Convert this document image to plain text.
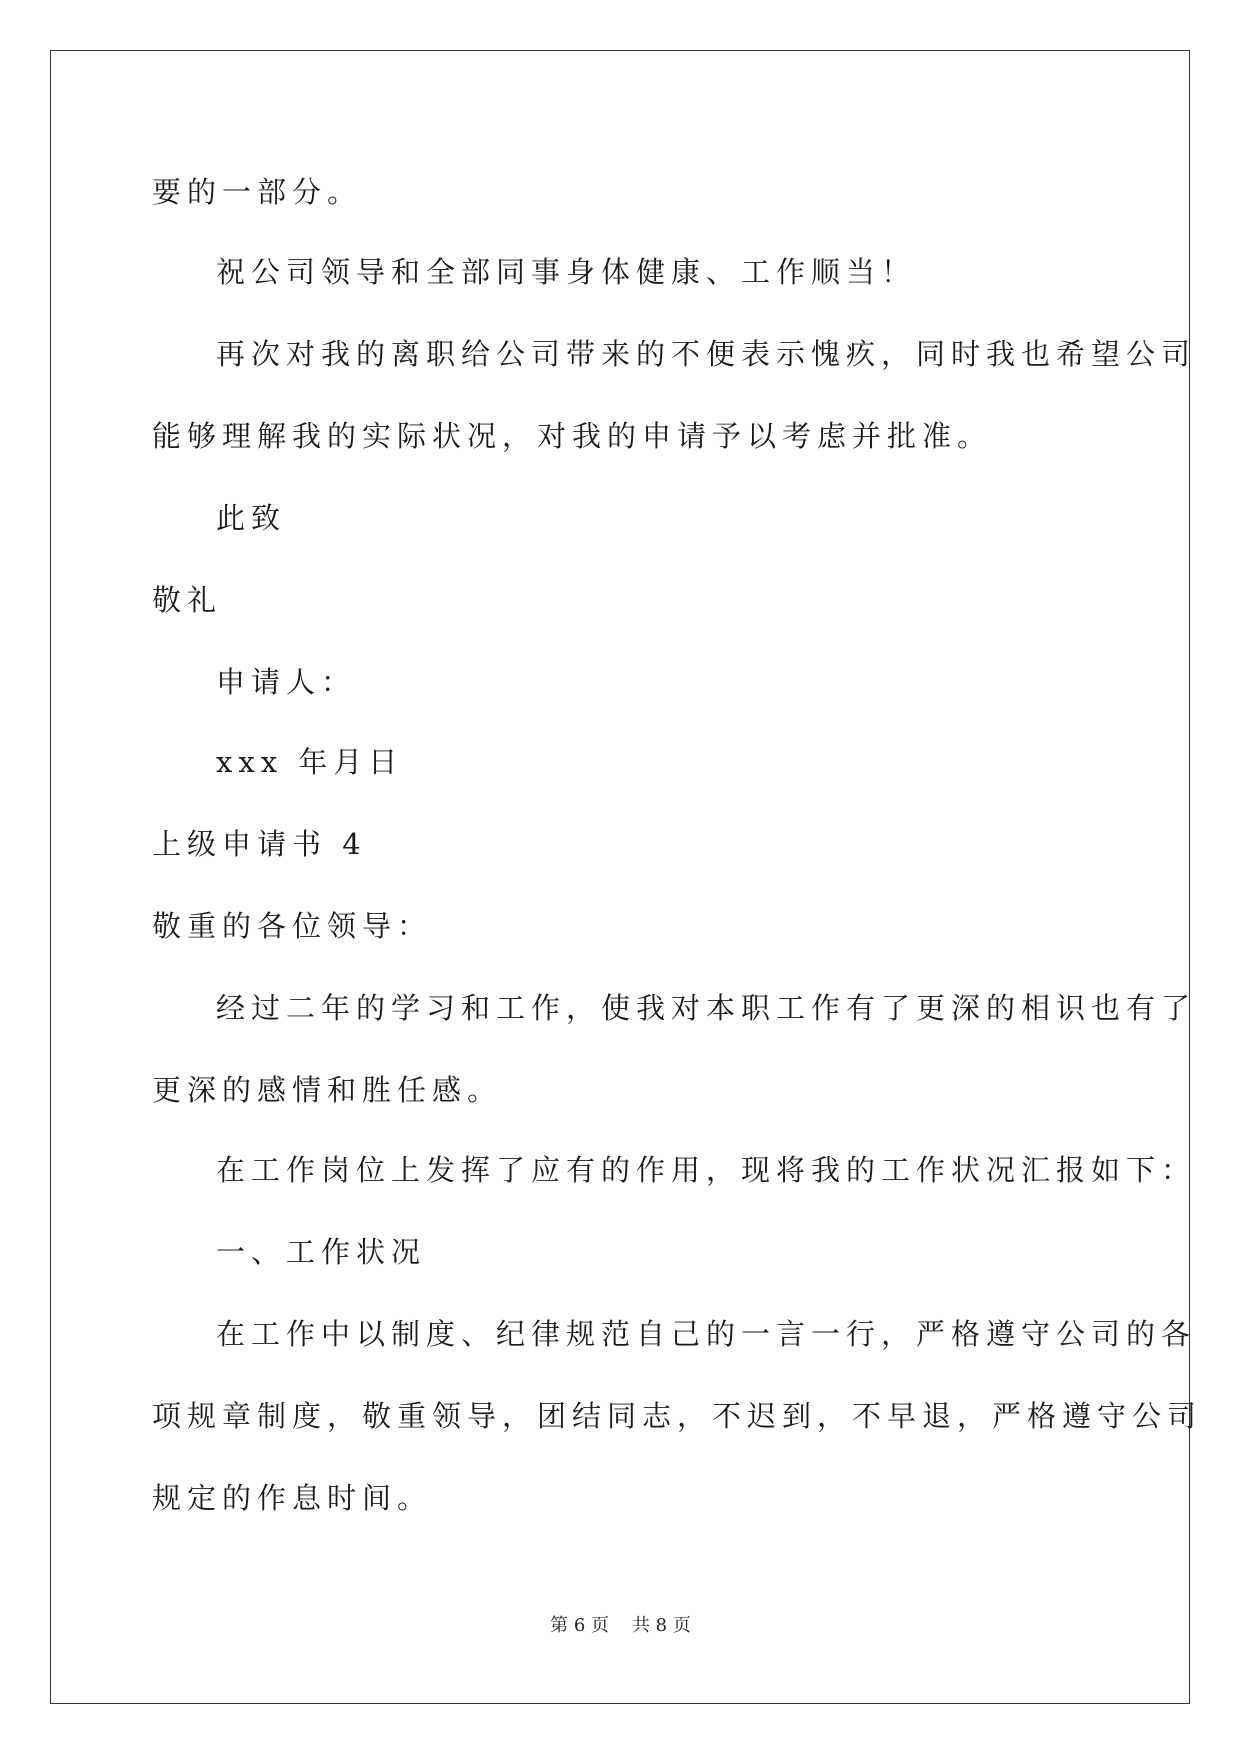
要的一部分。
祝公司领导和全部同事身体健康、工作顺当！
再次对我的离职给公司带来的不便表示愧疚，同时我也希望公司
能够理解我的实际状况，对我的申请予以考虑并批准。
此致
敬礼
申请人：
xxx 年月日
上级申请书 4
敬重的各位领导：
经过二年的学习和工作，使我对本职工作有了更深的相识也有了
更深的感情和胜任感。
在工作岗位上发挥了应有的作用，现将我的工作状况汇报如下：
一、工作状况
在工作中以制度、纪律规范自己的一言一行，严格遵守公司的各
项规章制度，敬重领导，团结同志，不迟到，不早退，严格遵守公司
规定的作息时间。
第 6 页    共 8 页
